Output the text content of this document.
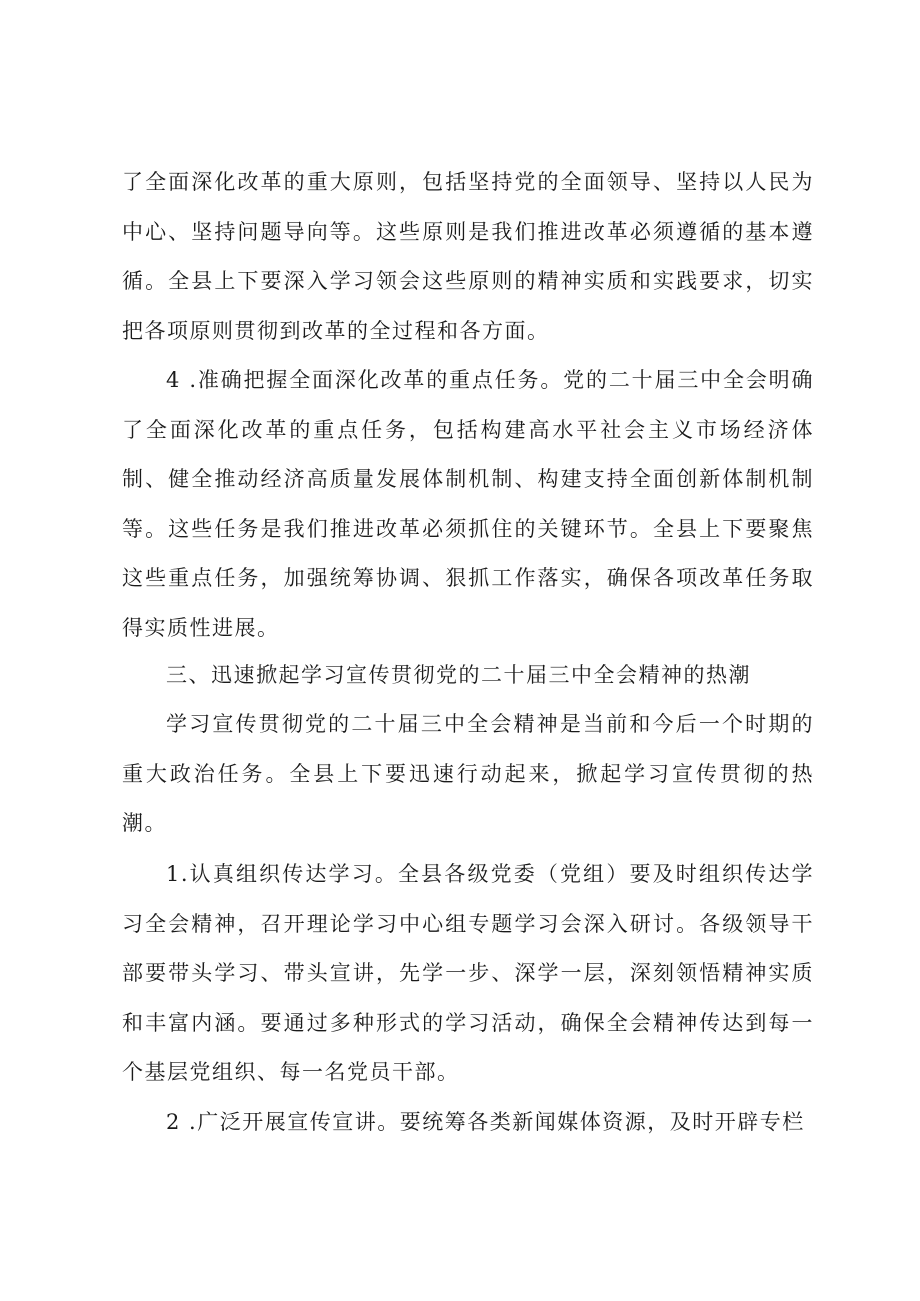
了全面深化改革的重大原则，包括坚持党的全面领导、坚持以人民为中心、坚持问题导向等。这些原则是我们推进改革必须遵循的基本遵循。全县上下要深入学习领会这些原则的精神实质和实践要求，切实把各项原则贯彻到改革的全过程和各方面。

4 .准确把握全面深化改革的重点任务。党的二十届三中全会明确了全面深化改革的重点任务，包括构建高水平社会主义市场经济体制、健全推动经济高质量发展体制机制、构建支持全面创新体制机制等。这些任务是我们推进改革必须抓住的关键环节。全县上下要聚焦这些重点任务，加强统筹协调、狠抓工作落实，确保各项改革任务取得实质性进展。

三、迅速掀起学习宣传贯彻党的二十届三中全会精神的热潮

学习宣传贯彻党的二十届三中全会精神是当前和今后一个时期的重大政治任务。全县上下要迅速行动起来，掀起学习宣传贯彻的热潮。

1.认真组织传达学习。全县各级党委（党组）要及时组织传达学习全会精神，召开理论学习中心组专题学习会深入研讨。各级领导干部要带头学习、带头宣讲，先学一步、深学一层，深刻领悟精神实质和丰富内涵。要通过多种形式的学习活动，确保全会精神传达到每一个基层党组织、每一名党员干部。

2 .广泛开展宣传宣讲。要统筹各类新闻媒体资源，及时开辟专栏
